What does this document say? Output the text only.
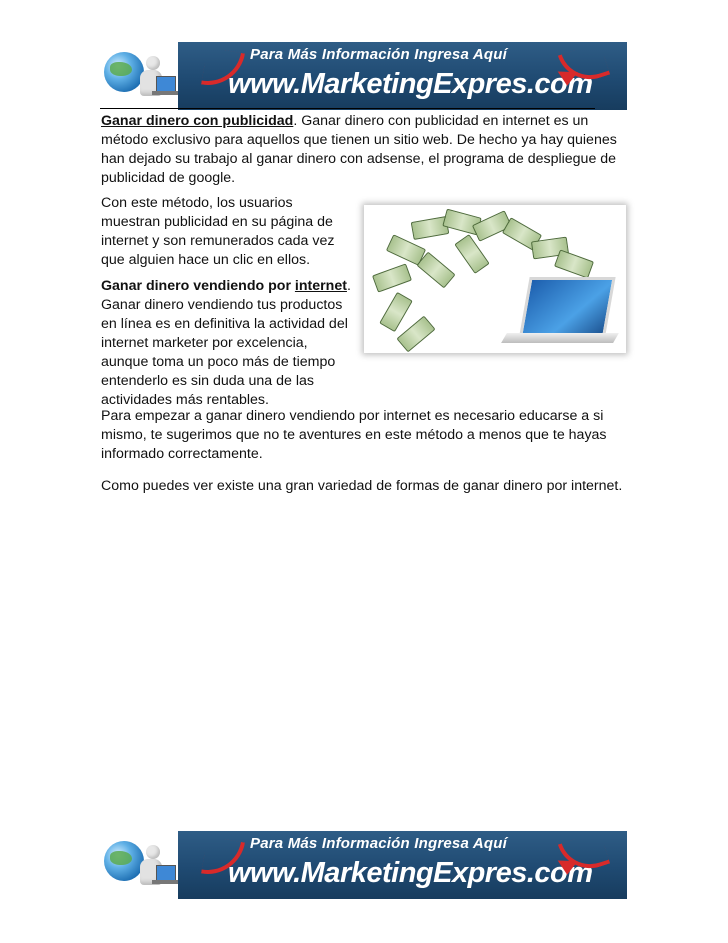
Para Más Información Ingresa Aquí
www.MarketingExpres.com
Ganar dinero con publicidad. Ganar dinero con publicidad en internet es un método exclusivo para aquellos que tienen un sitio web. De hecho ya hay quienes han dejado su trabajo al ganar dinero con adsense, el programa de despliegue de publicidad de google.
Con este método, los usuarios muestran publicidad en su página de internet y son remunerados cada vez que alguien hace un clic en ellos.
Ganar dinero vendiendo por internet. Ganar dinero vendiendo tus productos en línea es en definitiva la actividad del internet marketer por excelencia, aunque toma un poco más de tiempo entenderlo es sin duda una de las actividades más rentables.
Para empezar a ganar dinero vendiendo por internet es necesario educarse a si mismo, te sugerimos que no te aventures en este método a menos que te hayas informado correctamente.
Como puedes ver existe una gran variedad de formas de ganar dinero por internet.
Para Más Información Ingresa Aquí
www.MarketingExpres.com
